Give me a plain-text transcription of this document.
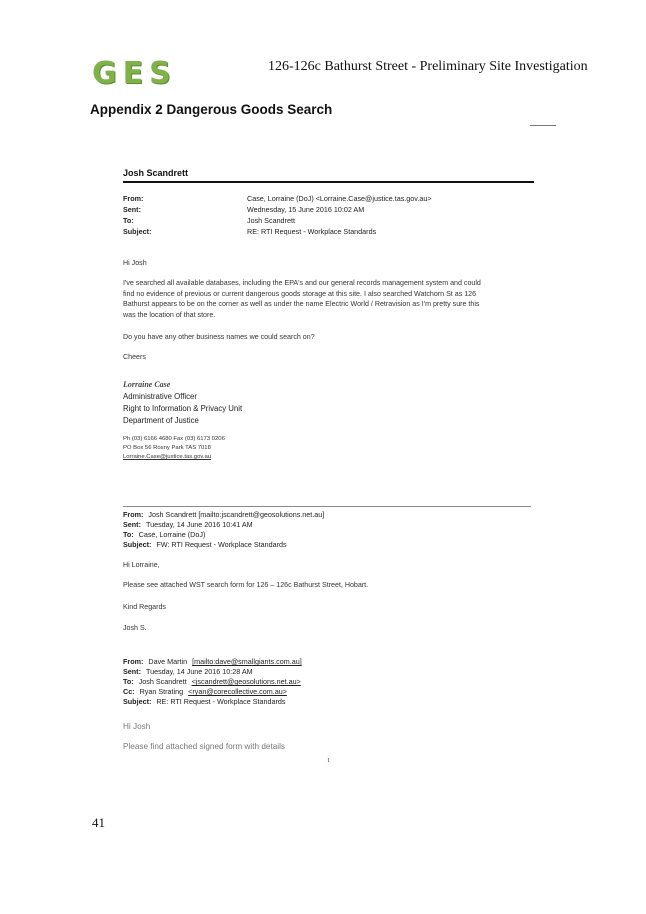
GES	126-126c Bathurst Street - Preliminary Site Investigation
Appendix 2 Dangerous Goods Search
Josh Scandrett
From:	Case, Lorraine (DoJ) <Lorraine.Case@justice.tas.gov.au>
Sent:	Wednesday, 15 June 2016 10:02 AM
To:	Josh Scandrett
Subject:	RE: RTI Request - Workplace Standards
Hi Josh
I've searched all available databases, including the EPA's and our general records management system and could
find no evidence of previous or current dangerous goods storage at this site. I also searched Watchorn St as 126
Bathurst appears to be on the corner as well as under the name Electric World / Retravision as I'm pretty sure this
was the location of that store.
Do you have any other business names we could search on?
Cheers
Lorraine Case
Administrative Officer
Right to Information & Privacy Unit
Department of Justice
Ph (03) 6166 4680 Fax (03) 6173 0206
PO Box 56 Rosny Park TAS 7018
Lorraine.Case@justice.tas.gov.au
From: Josh Scandrett [mailto:jscandrett@geosolutions.net.au]
Sent: Tuesday, 14 June 2016 10:41 AM
To: Case, Lorraine (DoJ)
Subject: FW: RTI Request - Workplace Standards
Hi Lorraine,
Please see attached WST search form for 126 – 126c Bathurst Street, Hobart.
Kind Regards
Josh S.
From: Dave Martin [mailto:dave@smallgiants.com.au]
Sent: Tuesday, 14 June 2016 10:28 AM
To: Josh Scandrett <jscandrett@geosolutions.net.au>
Cc: Ryan Strating <ryan@corecollective.com.au>
Subject: RE: RTI Request - Workplace Standards
Hi Josh
Please find attached signed form with details
1
41
